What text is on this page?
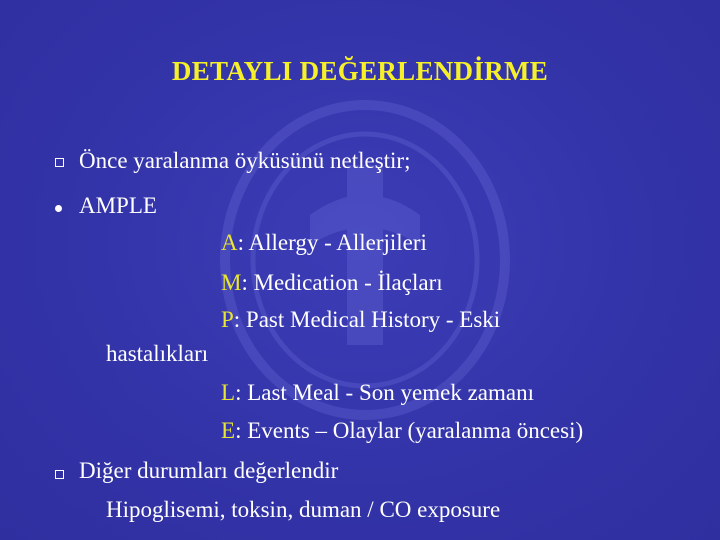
DETAYLI DEĞERLENDİRME
Önce yaralanma öyküsünü netleştir;
AMPLE
A: Allergy - Allerjileri
M: Medication - İlaçları
P: Past Medical History - Eski
hastalıkları
L: Last Meal - Son yemek zamanı
E: Events – Olaylar (yaralanma öncesi)
Diğer durumları değerlendir
Hipoglisemi, toksin, duman / CO exposure
